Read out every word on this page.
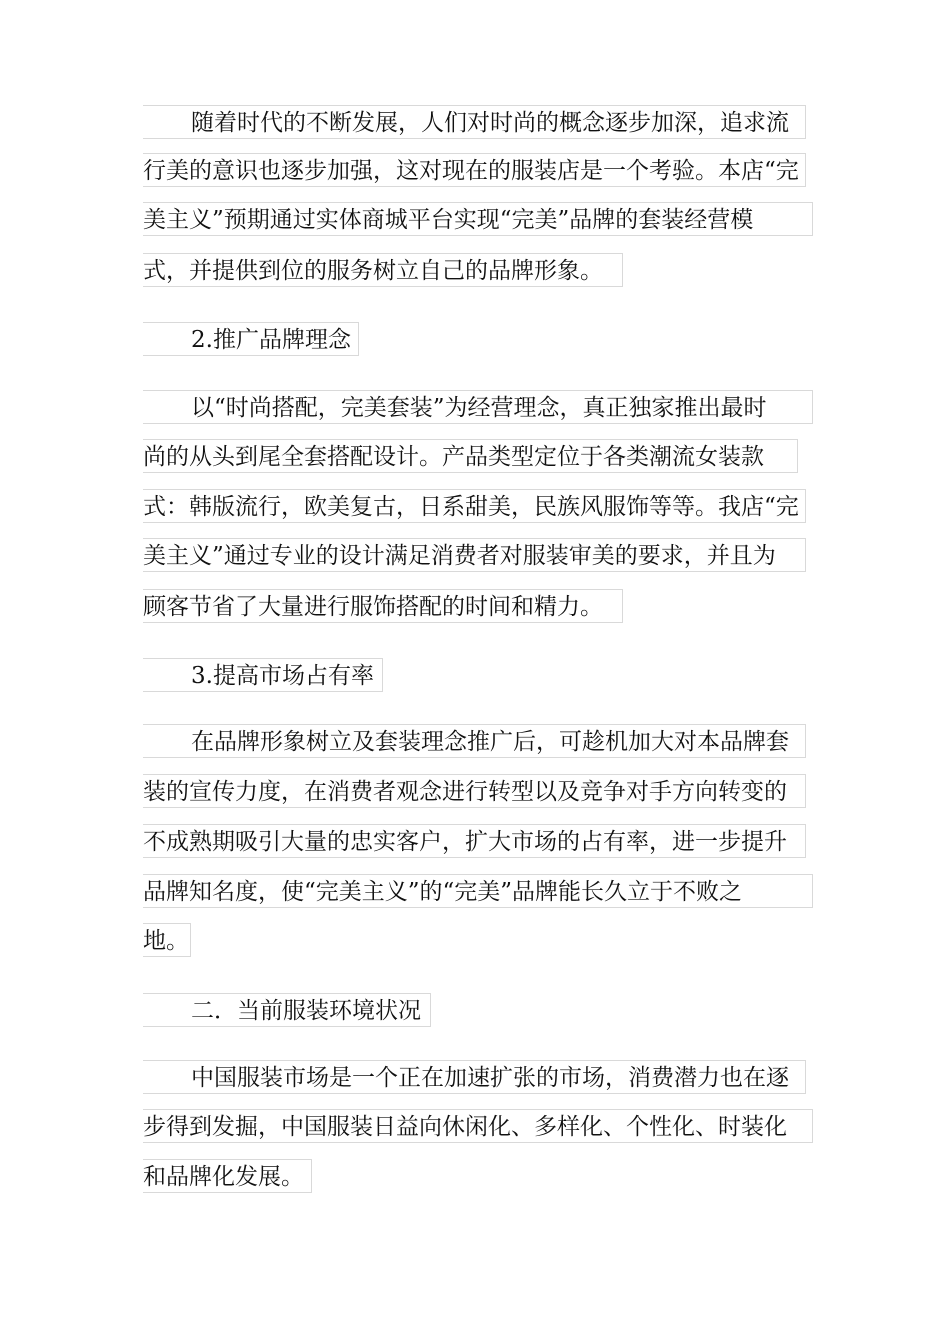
随着时代的不断发展，人们对时尚的概念逐步加深，追求流
行美的意识也逐步加强，这对现在的服装店是一个考验。本店“完
美主义”预期通过实体商城平台实现“完美”品牌的套装经营模
式，并提供到位的服务树立自己的品牌形象。
2.推广品牌理念
以“时尚搭配，完美套装”为经营理念，真正独家推出最时
尚的从头到尾全套搭配设计。产品类型定位于各类潮流女装款
式：韩版流行，欧美复古，日系甜美，民族风服饰等等。我店“完
美主义”通过专业的设计满足消费者对服装审美的要求，并且为
顾客节省了大量进行服饰搭配的时间和精力。
3.提高市场占有率
在品牌形象树立及套装理念推广后，可趁机加大对本品牌套
装的宣传力度，在消费者观念进行转型以及竞争对手方向转变的
不成熟期吸引大量的忠实客户，扩大市场的占有率，进一步提升
品牌知名度，使“完美主义”的“完美”品牌能长久立于不败之
地。
二．当前服装环境状况
中国服装市场是一个正在加速扩张的市场，消费潜力也在逐
步得到发掘，中国服装日益向休闲化、多样化、个性化、时装化
和品牌化发展。
